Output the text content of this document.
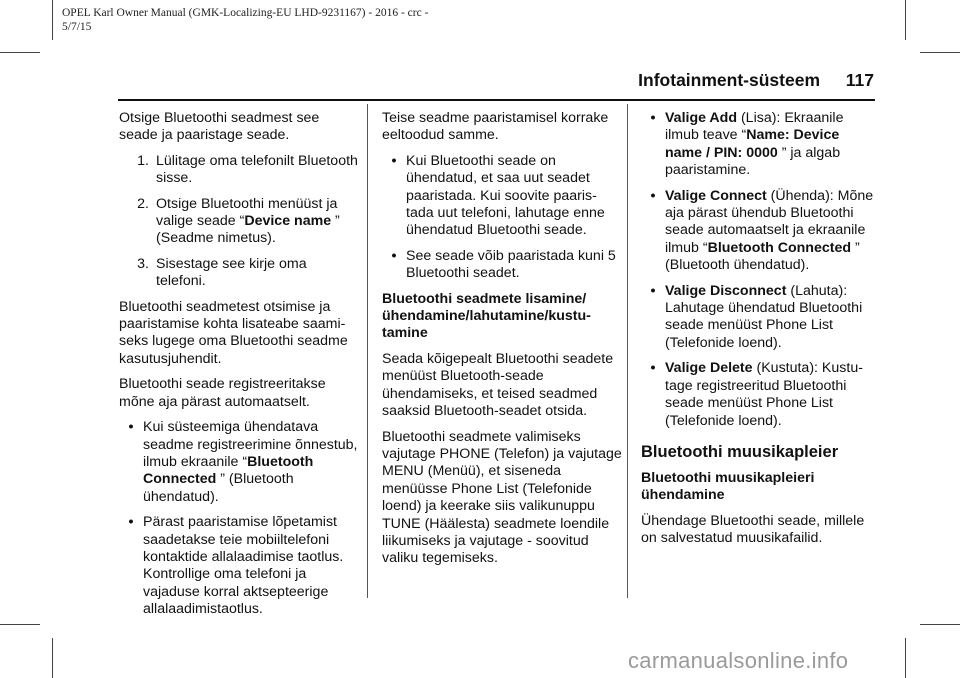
OPEL Karl Owner Manual (GMK-Localizing-EU LHD-9231167) - 2016 - crc -
5/7/15
Infotainment-süsteem	117

Otsige Bluetoothi seadmest see seade ja paaristage seade.

1. Lülitage oma telefonilt Bluetooth sisse.
2. Otsige Bluetoothi menüüst ja valige seade “Device name ” (Seadme nimetus).
3. Sisestage see kirje oma telefoni.

Bluetoothi seadmetest otsimise ja paaristamise kohta lisateabe saami-seks lugege oma Bluetoothi seadme kasutusjuhendit.

Bluetoothi seade registreeritakse mõne aja pärast automaatselt.

• Kui süsteemiga ühendatava seadme registreerimine õnnestub, ilmub ekraanile “Bluetooth Connected ” (Bluetooth ühendatud).
• Pärast paaristamise lõpetamist saadetakse teie mobiiltelefoni kontaktide allalaadimise taotlus. Kontrollige oma telefoni ja vajaduse korral aktsepteerige allalaadimistaotlus.

Teise seadme paaristamisel korrake eeltoodud samme.

• Kui Bluetoothi seade on ühendatud, et saa uut seadet paaristada. Kui soovite paaris-tada uut telefoni, lahutage enne ühendatud Bluetoothi seade.
• See seade võib paaristada kuni 5 Bluetoothi seadet.
Bluetoothi seadmete lisamine/ ühendamine/lahutamine/kustu-tamine

Seada kõigepealt Bluetoothi seadete menüüst Bluetooth-seade ühendamiseks, et teised seadmed saaksid Bluetooth-seadet otsida.

Bluetoothi seadmete valimiseks vajutage PHONE (Telefon) ja vajutage MENU (Menüü), et siseneda menüüsse Phone List (Telefonide loend) ja keerake siis valikunuppu TUNE (Häälesta) seadmete loendile liikumiseks ja vajutage - soovitud valiku tegemiseks.

• Valige Add (Lisa): Ekraanile ilmub teave “Name: Device name / PIN: 0000 ” ja algab paaristamine.
• Valige Connect (Ühenda): Mõne aja pärast ühendub Bluetoothi seade automaatselt ja ekraanile ilmub “Bluetooth Connected ” (Bluetooth ühendatud).
• Valige Disconnect (Lahuta): Lahutage ühendatud Bluetoothi seade menüüst Phone List (Telefonide loend).
• Valige Delete (Kustuta): Kustu-tage registreeritud Bluetoothi seade menüüst Phone List (Telefonide loend).
Bluetoothi muusikapleier
Bluetoothi muusikapleieri ühendamine

Ühendage Bluetoothi seade, millele on salvestatud muusikafailid.

carmanualsonline.info
